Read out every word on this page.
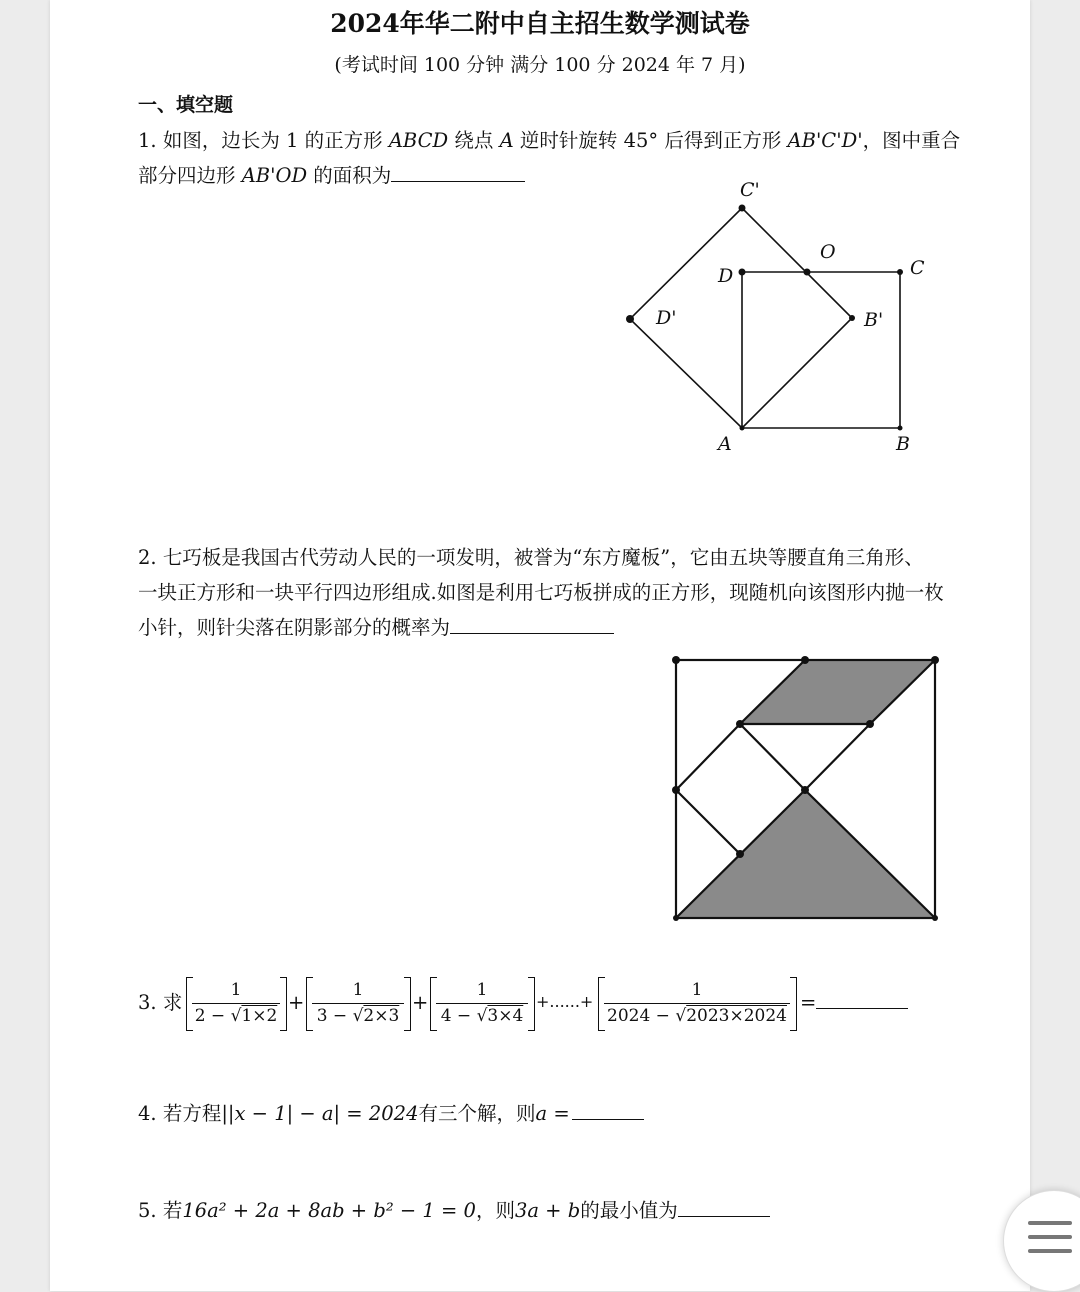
2024年华二附中自主招生数学测试卷
(考试时间 100 分钟 满分 100 分 2024 年 7 月)
一、填空题
1. 如图，边长为 1 的正方形 ABCD 绕点 A 逆时针旋转 45° 后得到正方形 AB'C'D'，图中重合
部分四边形 AB'OD 的面积为
C'
O
D	C
D'	B'
A	B
2. 七巧板是我国古代劳动人民的一项发明，被誉为“东方魔板”，它由五块等腰直角三角形、
一块正方形和一块平行四边形组成.如图是利用七巧板拼成的正方形，现随机向该图形内抛一枚
小针，则针尖落在阴影部分的概率为
3. 求
1
2 − √1×2
+
1
3 − √2×3
+
1
4 − √3×4
+......+
1
2024 − √2023×2024
=
4. 若方程||x − 1| − a| = 2024有三个解，则a =
5. 若16a² + 2a + 8ab + b² − 1 = 0，则3a + b的最小值为
